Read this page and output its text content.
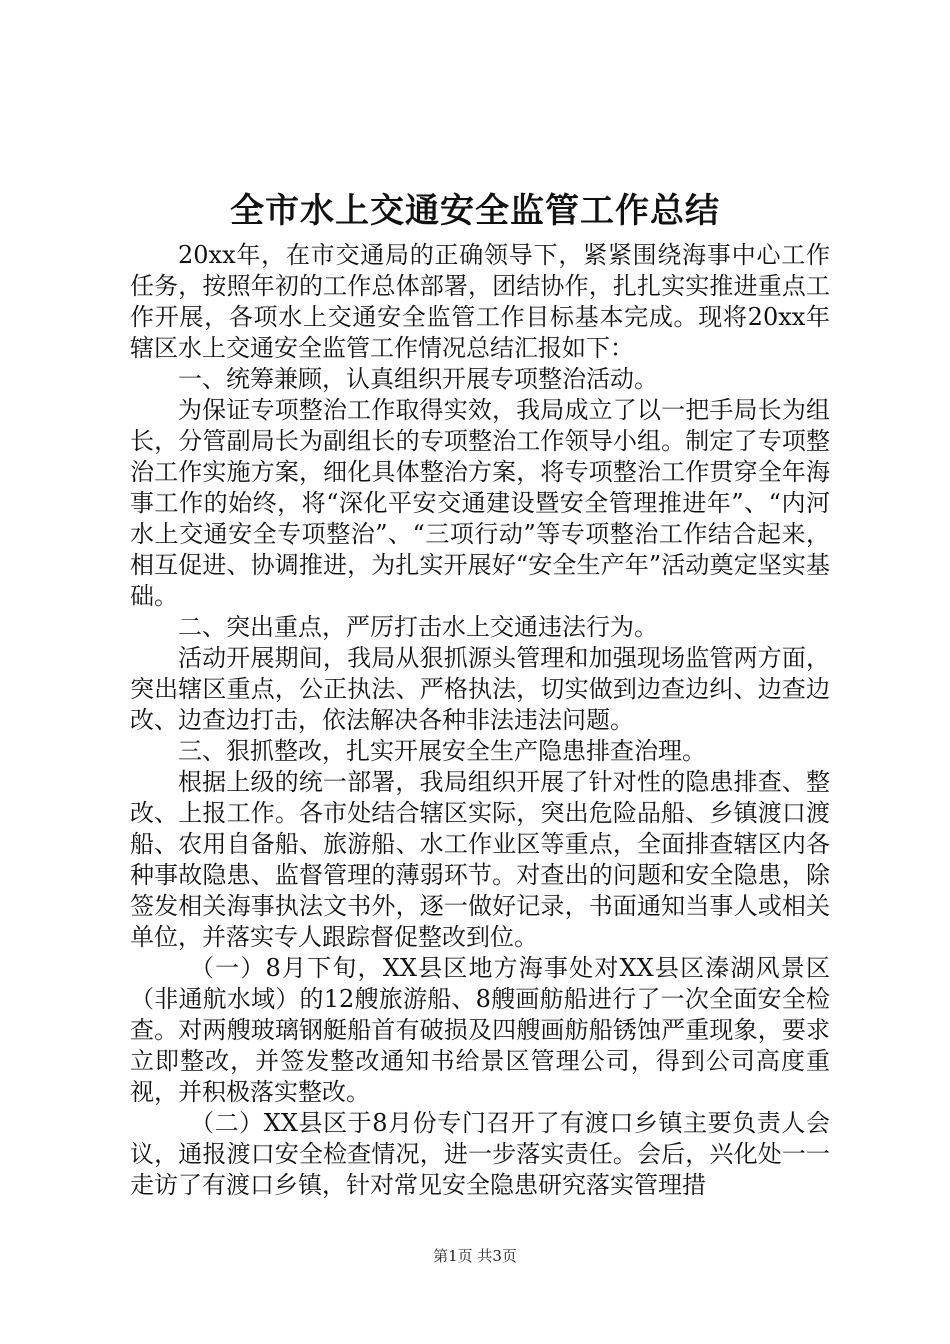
全市水上交通安全监管工作总结

20xx年，在市交通局的正确领导下，紧紧围绕海事中心工作任务，按照年初的工作总体部署，团结协作，扎扎实实推进重点工作开展，各项水上交通安全监管工作目标基本完成。现将20xx年辖区水上交通安全监管工作情况总结汇报如下：

一、统筹兼顾，认真组织开展专项整治活动。

为保证专项整治工作取得实效，我局成立了以一把手局长为组长，分管副局长为副组长的专项整治工作领导小组。制定了专项整治工作实施方案，细化具体整治方案，将专项整治工作贯穿全年海事工作的始终，将“深化平安交通建设暨安全管理推进年”、“内河水上交通安全专项整治”、“三项行动”等专项整治工作结合起来，相互促进、协调推进，为扎实开展好“安全生产年”活动奠定坚实基础。

二、突出重点，严厉打击水上交通违法行为。

活动开展期间，我局从狠抓源头管理和加强现场监管两方面，突出辖区重点，公正执法、严格执法，切实做到边查边纠、边查边改、边查边打击，依法解决各种非法违法问题。

三、狠抓整改，扎实开展安全生产隐患排查治理。

根据上级的统一部署，我局组织开展了针对性的隐患排查、整改、上报工作。各市处结合辖区实际，突出危险品船、乡镇渡口渡船、农用自备船、旅游船、水工作业区等重点，全面排查辖区内各种事故隐患、监督管理的薄弱环节。对查出的问题和安全隐患，除签发相关海事执法文书外，逐一做好记录，书面通知当事人或相关单位，并落实专人跟踪督促整改到位。

（一）8月下旬，XX县区地方海事处对XX县区溱湖风景区（非通航水域）的12艘旅游船、8艘画舫船进行了一次全面安全检查。对两艘玻璃钢艇船首有破损及四艘画舫船锈蚀严重现象，要求立即整改，并签发整改通知书给景区管理公司，得到公司高度重视，并积极落实整改。

（二）XX县区于8月份专门召开了有渡口乡镇主要负责人会议，通报渡口安全检查情况，进一步落实责任。会后，兴化处一一走访了有渡口乡镇，针对常见安全隐患研究落实管理措

第1页 共3页
